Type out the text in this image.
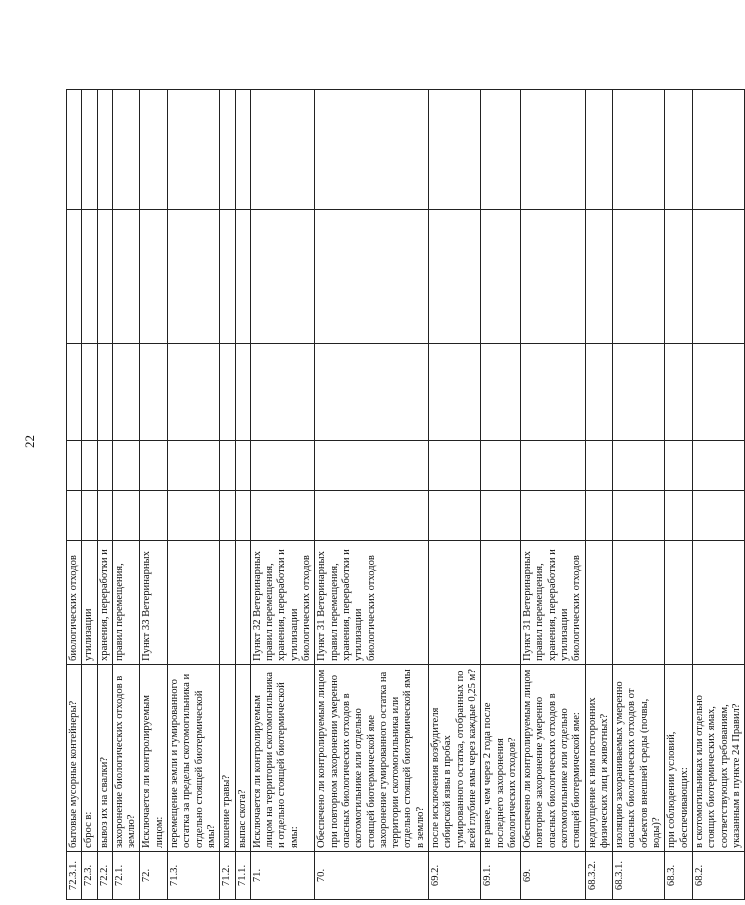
22
72.3.1.	бытовые мусорные контейнеры?	биологических отходов					
72.3.	сброс в:	утилизации					
72.2.	вывоз их на свалки?	хранения, переработки и					
72.1.	захоронение биологических отходов в землю?	правил перемещения,					
72.	Исключается ли контролируемым лицом:	Пункт 33 Ветеринарных					
71.3.	перемещение земли и гумированного остатка за пределы скотомогильника и отдельно стоящей биотермической ямы?						
71.2.	кошение травы?						
71.1.	выпас скота?						
71.	Исключается ли контролируемым лицом на территории скотомогильника и отдельно стоящей биотермической ямы:	Пункт 32 Ветеринарных правил перемещения, хранения, переработки и утилизации биологических отходов					
70.	Обеспечено ли контролируемым лицом при повторном захоронении умеренно опасных биологических отходов в скотомогильнике или отдельно стоящей биотермической яме захоронение гумированного остатка на территории скотомогильника или отдельно стоящей биотермической ямы в землю?	Пункт 31 Ветеринарных правил перемещения, хранения, переработки и утилизации биологических отходов					
69.2.	после исключения возбудителя сибирской язвы в пробах гумированного остатка, отобранных по всей глубине ямы через каждые 0,25 м?						
69.1.	не ранее, чем через 2 года после последнего захоронения биологических отходов?						
69.	Обеспечено ли контролируемым лицом повторное захоронение умеренно опасных биологических отходов в скотомогильнике или отдельно стоящей биотермической яме:	Пункт 31 Ветеринарных правил перемещения, хранения, переработки и утилизации биологических отходов					
68.3.2.	недопущение к ним посторонних физических лиц и животных?						
68.3.1.	изоляцию захораниваемых умеренно опасных биологических отходов от объектов внешней среды (почвы, воды)?						
68.3.	при соблюдении условий, обеспечивающих:						
68.2.	в скотомогильниках или отдельно стоящих биотермических ямах, соответствующих требованиям, указанным в пункте 24 Правил?						
